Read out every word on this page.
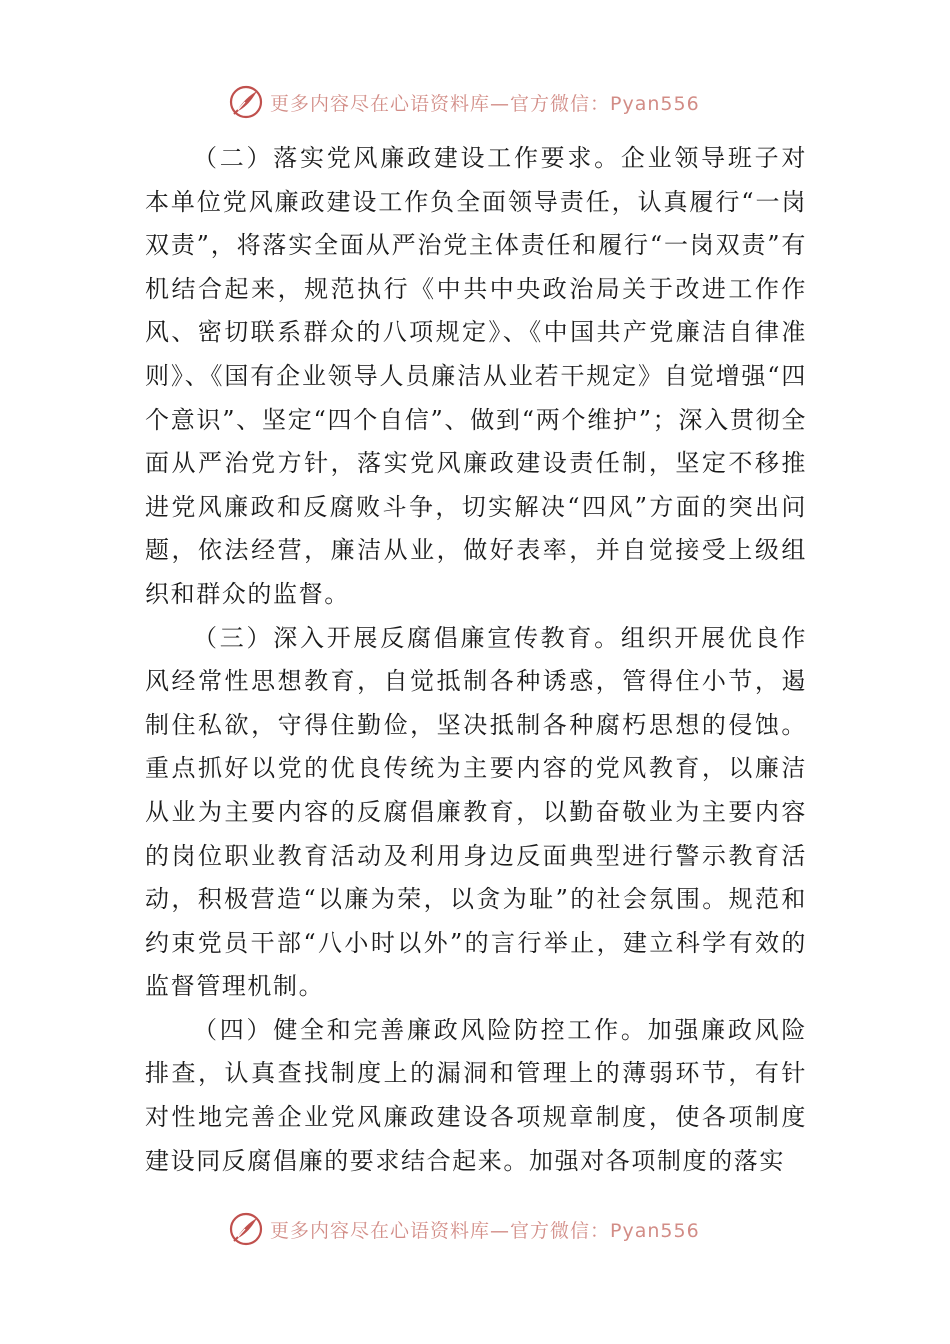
更多内容尽在心语资料库—官方微信：Pyan556

（二）落实党风廉政建设工作要求。企业领导班子对本单位党风廉政建设工作负全面领导责任，认真履行“一岗双责”，将落实全面从严治党主体责任和履行“一岗双责”有机结合起来，规范执行《中共中央政治局关于改进工作作风、密切联系群众的八项规定》、《中国共产党廉洁自律准则》、《国有企业领导人员廉洁从业若干规定》自觉增强“四个意识”、坚定“四个自信”、做到“两个维护”；深入贯彻全面从严治党方针，落实党风廉政建设责任制，坚定不移推进党风廉政和反腐败斗争，切实解决“四风”方面的突出问题，依法经营，廉洁从业，做好表率，并自觉接受上级组织和群众的监督。

（三）深入开展反腐倡廉宣传教育。组织开展优良作风经常性思想教育，自觉抵制各种诱惑，管得住小节，遏制住私欲，守得住勤俭，坚决抵制各种腐朽思想的侵蚀。重点抓好以党的优良传统为主要内容的党风教育，以廉洁从业为主要内容的反腐倡廉教育，以勤奋敬业为主要内容的岗位职业教育活动及利用身边反面典型进行警示教育活动，积极营造“以廉为荣，以贪为耻”的社会氛围。规范和约束党员干部“八小时以外”的言行举止，建立科学有效的监督管理机制。

（四）健全和完善廉政风险防控工作。加强廉政风险排查，认真查找制度上的漏洞和管理上的薄弱环节，有针对性地完善企业党风廉政建设各项规章制度，使各项制度建设同反腐倡廉的要求结合起来。加强对各项制度的落实

更多内容尽在心语资料库—官方微信：Pyan556
